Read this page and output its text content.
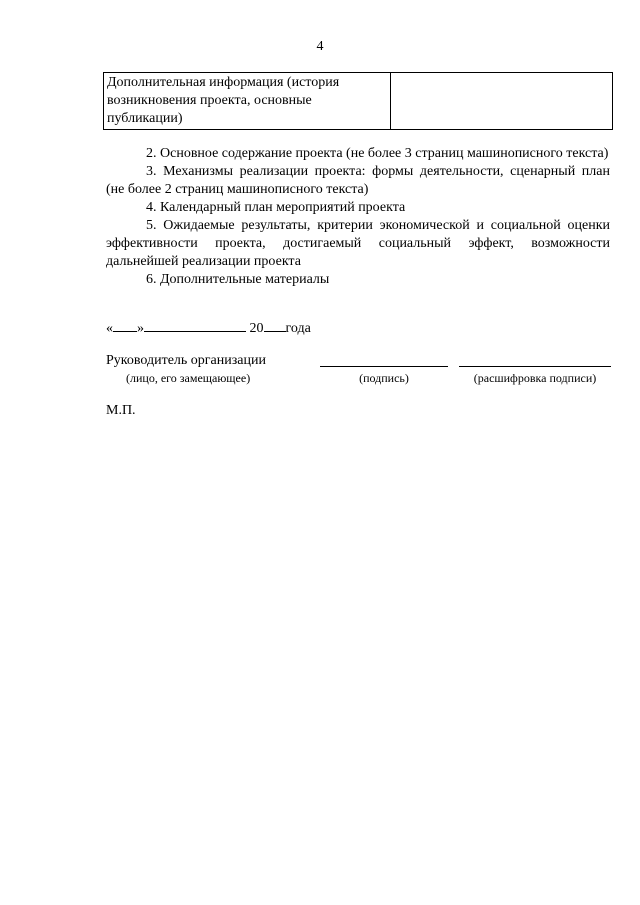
4
Дополнительная информация (история возникновения проекта, основные публикации)	

2. Основное содержание проекта (не более 3 страниц машинописного текста)

3. Механизмы реализации проекта: формы деятельности, сценарный план (не более 2 страниц машинописного текста)

4. Календарный план мероприятий проекта

5. Ожидаемые результаты, критерии экономической и социальной оценки эффективности проекта, достигаемый социальный эффект, возможности дальнейшей реализации проекта

6. Дополнительные материалы

« »	20 года
Руководитель организации
(лицо, его замещающее)	(подпись)	(расшифровка подписи)
М.П.
